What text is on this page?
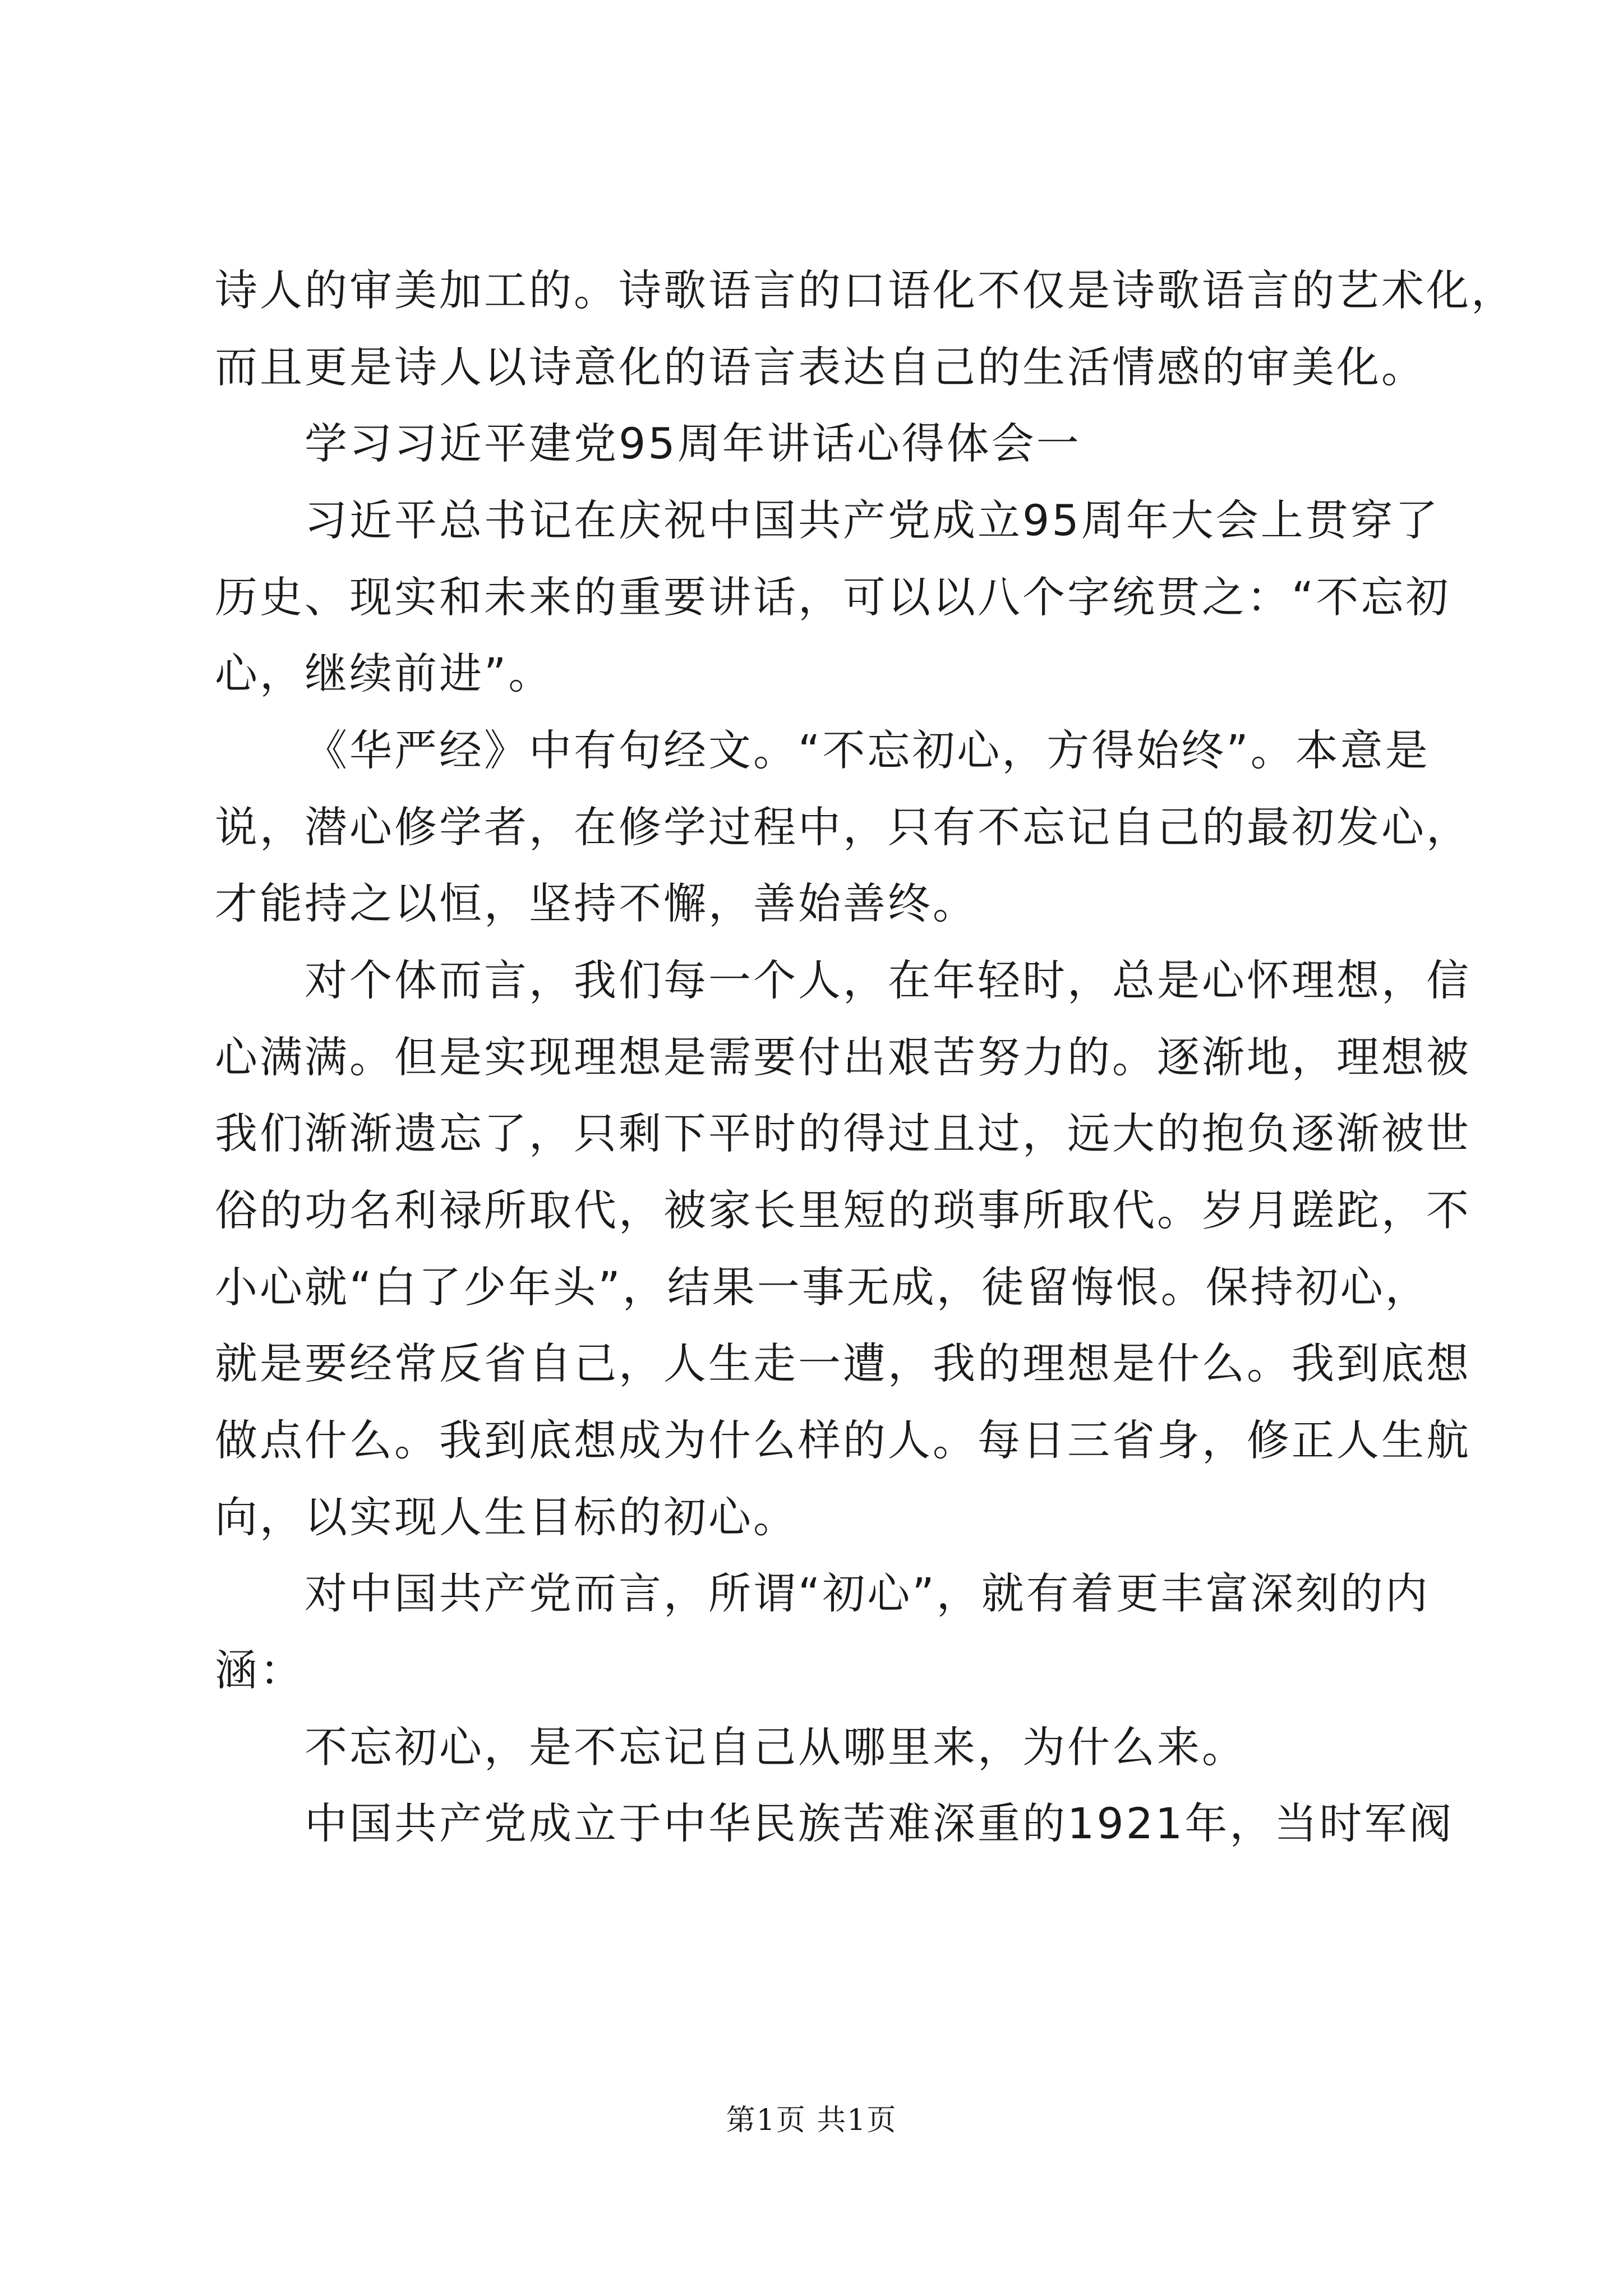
诗人的审美加工的。诗歌语言的口语化不仅是诗歌语言的艺术化，
而且更是诗人以诗意化的语言表达自己的生活情感的审美化。
学习习近平建党95周年讲话心得体会一
习近平总书记在庆祝中国共产党成立95周年大会上贯穿了
历史、现实和未来的重要讲话，可以以八个字统贯之：“不忘初
心，继续前进”。
《华严经》中有句经文。“不忘初心，方得始终”。本意是
说，潜心修学者，在修学过程中，只有不忘记自己的最初发心，
才能持之以恒，坚持不懈，善始善终。
对个体而言，我们每一个人，在年轻时，总是心怀理想，信
心满满。但是实现理想是需要付出艰苦努力的。逐渐地，理想被
我们渐渐遗忘了，只剩下平时的得过且过，远大的抱负逐渐被世
俗的功名利禄所取代，被家长里短的琐事所取代。岁月蹉跎，不
小心就“白了少年头”，结果一事无成，徒留悔恨。保持初心，
就是要经常反省自己，人生走一遭，我的理想是什么。我到底想
做点什么。我到底想成为什么样的人。每日三省身，修正人生航
向，以实现人生目标的初心。
对中国共产党而言，所谓“初心”，就有着更丰富深刻的内
涵：
不忘初心，是不忘记自己从哪里来，为什么来。
中国共产党成立于中华民族苦难深重的1921年，当时军阀
第1页 共1页
